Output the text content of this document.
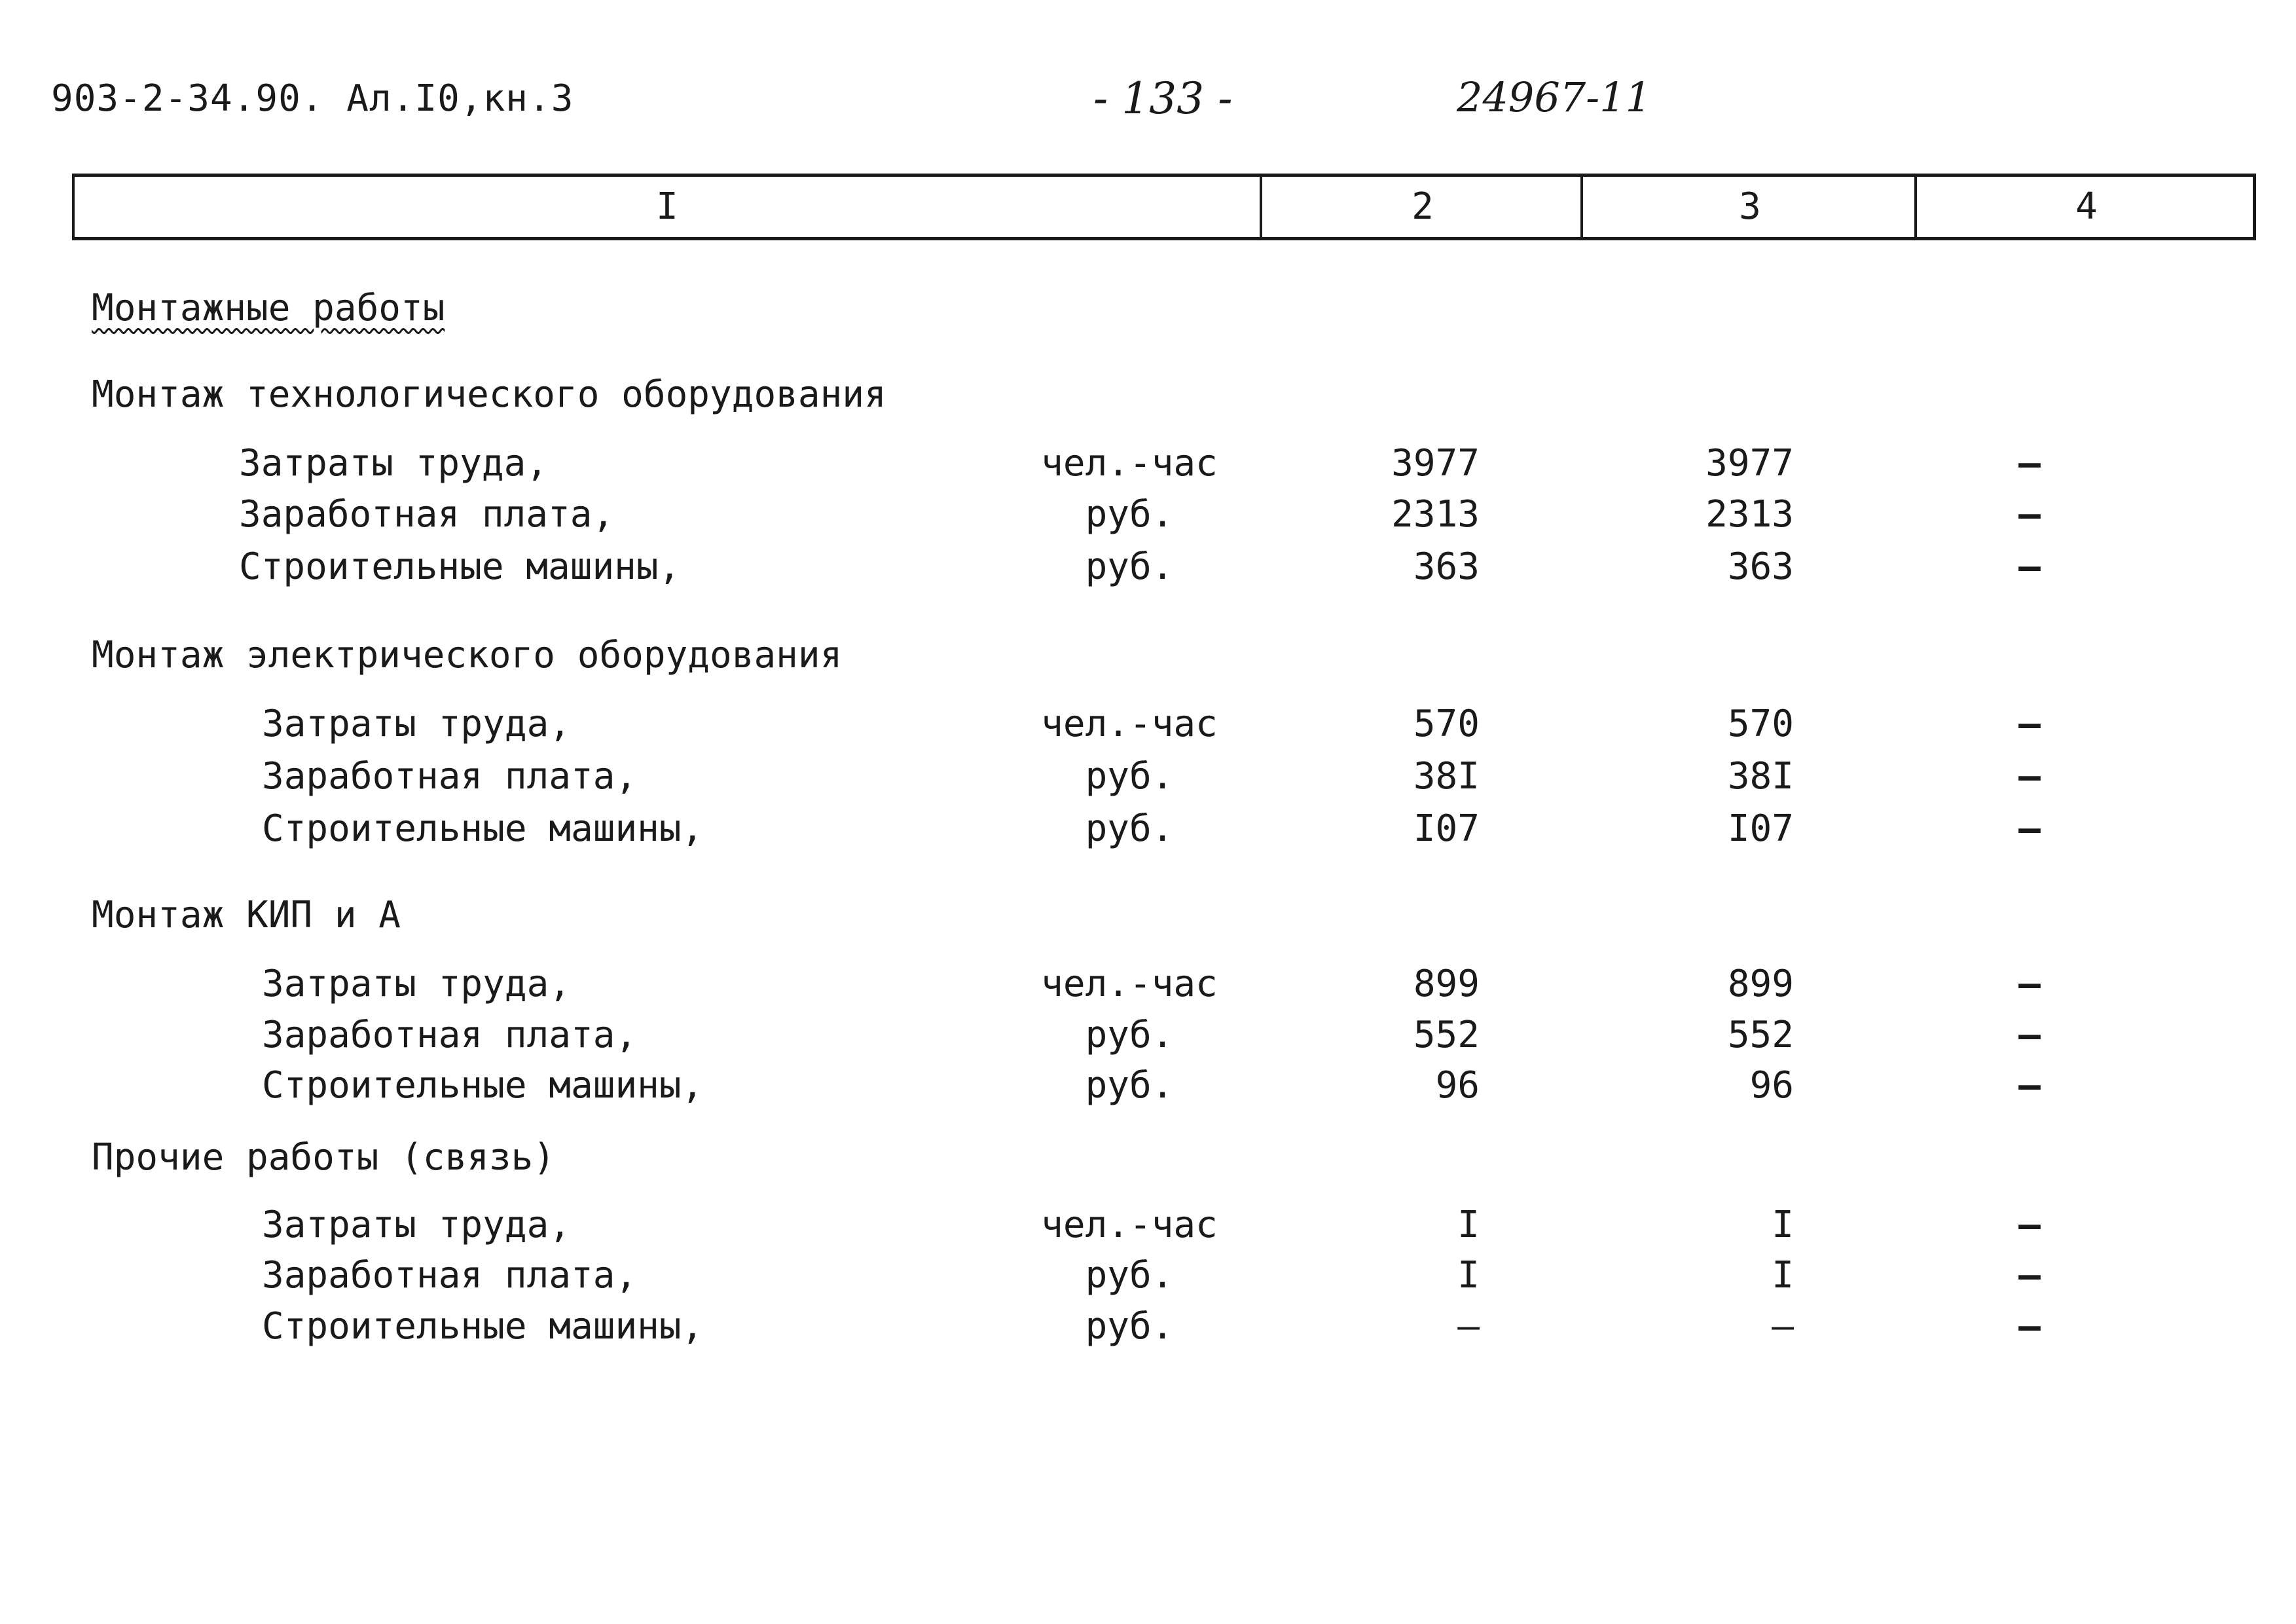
903-2-34.90. Ал.I0,кн.3	- 133 -	24967-11
I	2	3	4
Монтажные работы
Монтаж технологического оборудования
Затраты труда,	чел.-час	3977	3977	–
Заработная плата,	руб.	2313	2313	–
Строительные машины,	руб.	363	363	–
Монтаж электрического оборудования
Затраты труда,	чел.-час	570	570	–
Заработная плата,	руб.	38I	38I	–
Строительные машины,	руб.	I07	I07	–
Монтаж КИП и А
Затраты труда,	чел.-час	899	899	–
Заработная плата,	руб.	552	552	–
Строительные машины,	руб.	96	96	–
Прочие работы (связь)
Затраты труда,	чел.-час	I	I	–
Заработная плата,	руб.	I	I	–
Строительные машины,	руб.	–	–	–
